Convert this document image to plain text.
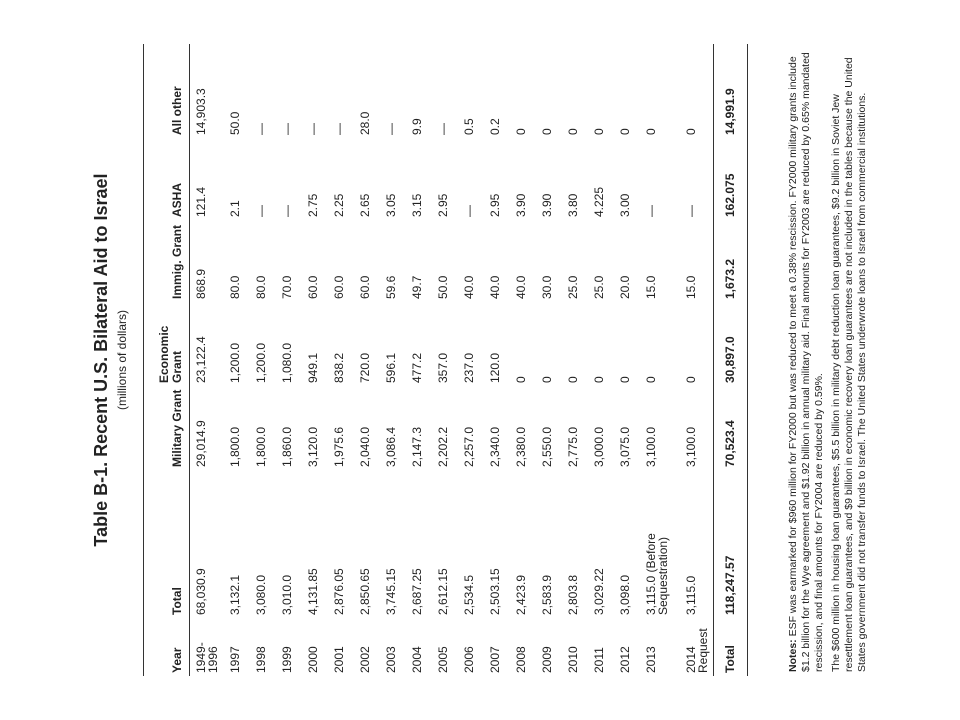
Table B-1. Recent U.S. Bilateral Aid to Israel (millions of dollars)
Year	Total	Military Grant	Economic Grant	Immig. Grant	ASHA	All other
1949-1996	68,030.9	29,014.9	23,122.4	868.9	121.4	14,903.3
1997	3,132.1	1,800.0	1,200.0	80.0	2.1	50.0
1998	3,080.0	1,800.0	1,200.0	80.0	—	—
1999	3,010.0	1,860.0	1,080.0	70.0	—	—
2000	4,131.85	3,120.0	949.1	60.0	2.75	—
2001	2,876.05	1,975.6	838.2	60.0	2.25	—
2002	2,850.65	2,040.0	720.0	60.0	2.65	28.0
2003	3,745.15	3,086.4	596.1	59.6	3.05	—
2004	2,687.25	2,147.3	477.2	49.7	3.15	9.9
2005	2,612.15	2,202.2	357.0	50.0	2.95	—
2006	2,534.5	2,257.0	237.0	40.0	—	0.5
2007	2,503.15	2,340.0	120.0	40.0	2.95	0.2
2008	2,423.9	2,380.0	0	40.0	3.90	0
2009	2,583.9	2,550.0	0	30.0	3.90	0
2010	2,803.8	2,775.0	0	25.0	3.80	0
2011	3,029.22	3,000.0	0	25.0	4.225	0
2012	3,098.0	3,075.0	0	20.0	3.00	0
2013	3,115.0 (Before Sequestration)	3,100.0	0	15.0	—	0
2014 Request	3,115.0	3,100.0	0	15.0	—	0
Total	118,247.57	70,523.4	30,897.0	1,673.2	162.075	14,991.9

Notes: ESF was earmarked for $960 million for FY2000 but was reduced to meet a 0.38% rescission. FY2000 military grants include $1.2 billion for the Wye agreement and $1.92 billion in annual military aid. Final amounts for FY2003 are reduced by 0.65% mandated rescission, and final amounts for FY2004 are reduced by 0.59%. The $600 million in housing loan guarantees, $5.5 billion in military debt reduction loan guarantees, $9.2 billion in Soviet Jew resettlement loan guarantees, and $9 billion in economic recovery loan guarantees are not included in the tables because the United States government did not transfer funds to Israel. The United States underwrote loans to Israel from commercial institutions.
